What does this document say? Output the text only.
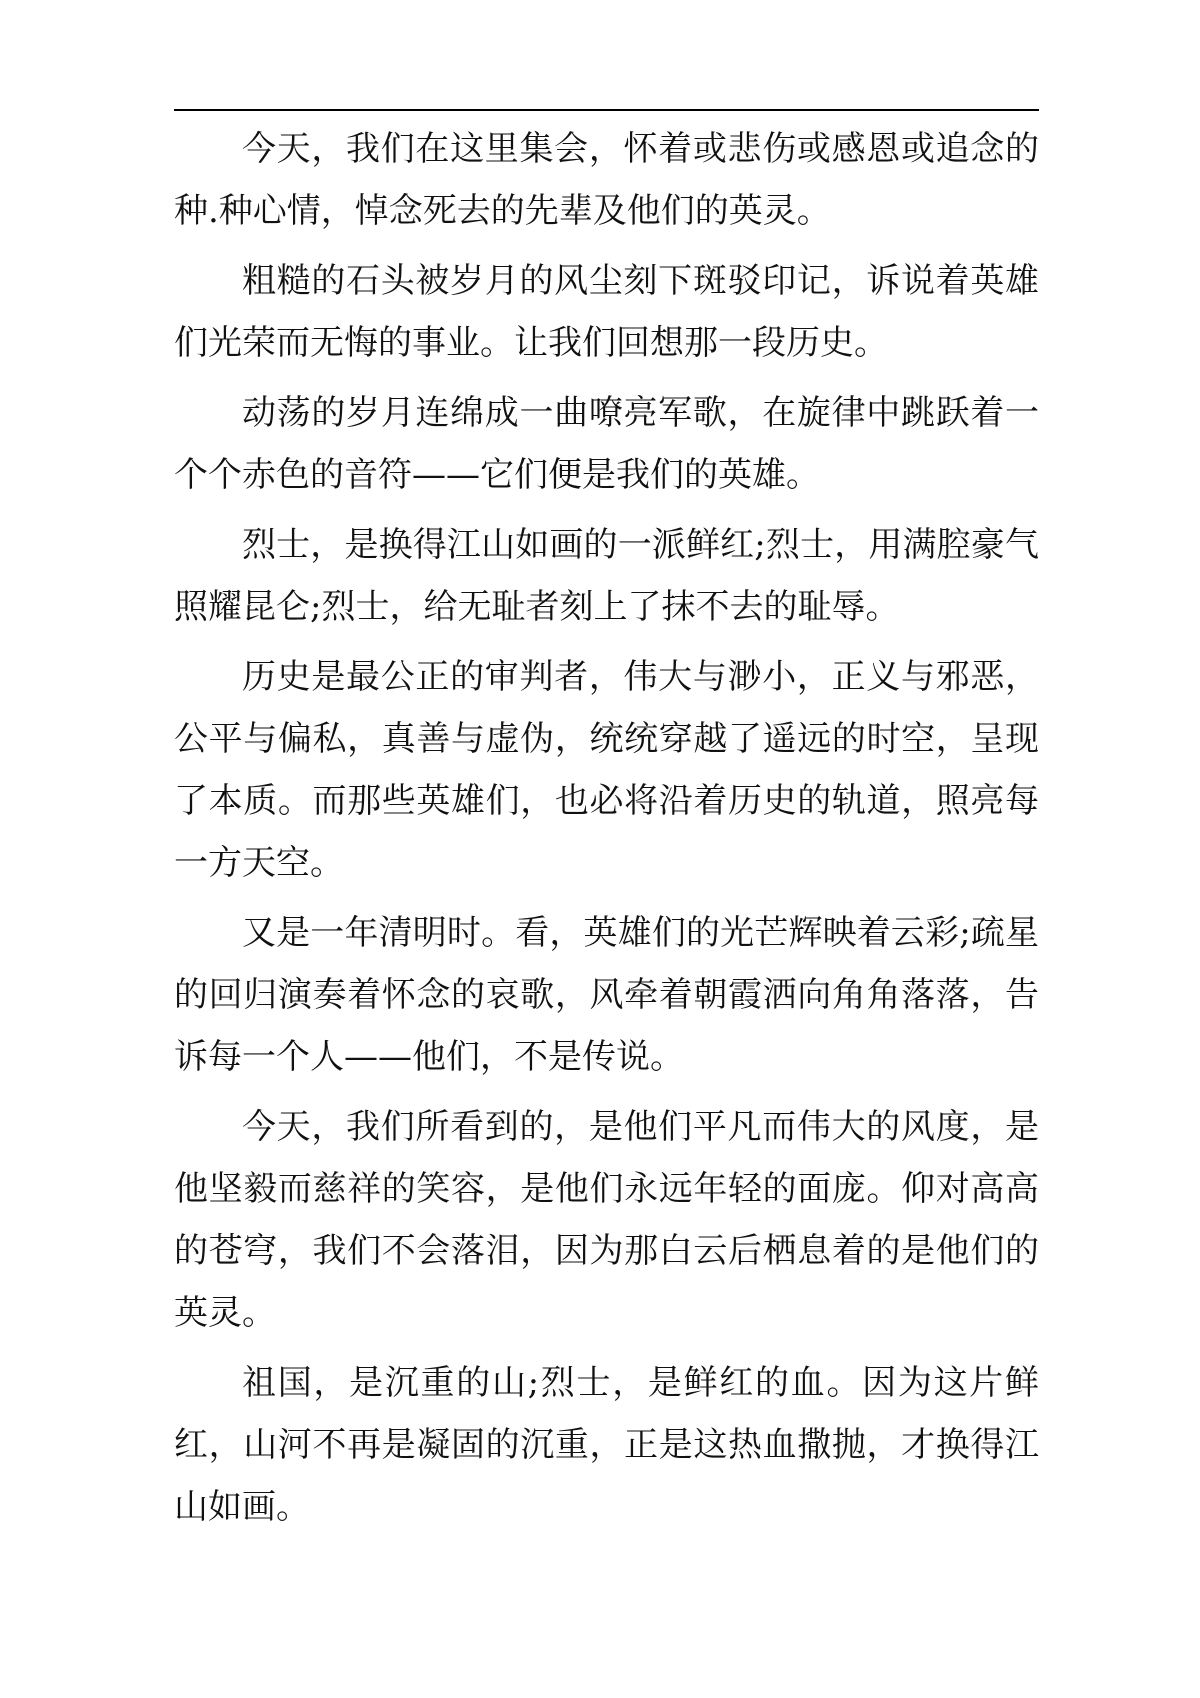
今天，我们在这里集会，怀着或悲伤或感恩或追念的种.种心情，悼念死去的先辈及他们的英灵。

粗糙的石头被岁月的风尘刻下斑驳印记，诉说着英雄们光荣而无悔的事业。让我们回想那一段历史。

动荡的岁月连绵成一曲嘹亮军歌，在旋律中跳跃着一个个赤色的音符——它们便是我们的英雄。

烈士，是换得江山如画的一派鲜红;烈士，用满腔豪气照耀昆仑;烈士，给无耻者刻上了抹不去的耻辱。

历史是最公正的审判者，伟大与渺小，正义与邪恶，公平与偏私，真善与虚伪，统统穿越了遥远的时空，呈现了本质。而那些英雄们，也必将沿着历史的轨道，照亮每一方天空。

又是一年清明时。看，英雄们的光芒辉映着云彩;疏星的回归演奏着怀念的哀歌，风牵着朝霞洒向角角落落，告诉每一个人——他们，不是传说。

今天，我们所看到的，是他们平凡而伟大的风度，是他坚毅而慈祥的笑容，是他们永远年轻的面庞。仰对高高的苍穹，我们不会落泪，因为那白云后栖息着的是他们的英灵。

祖国，是沉重的山;烈士，是鲜红的血。因为这片鲜红，山河不再是凝固的沉重，正是这热血撒抛，才换得江山如画。
